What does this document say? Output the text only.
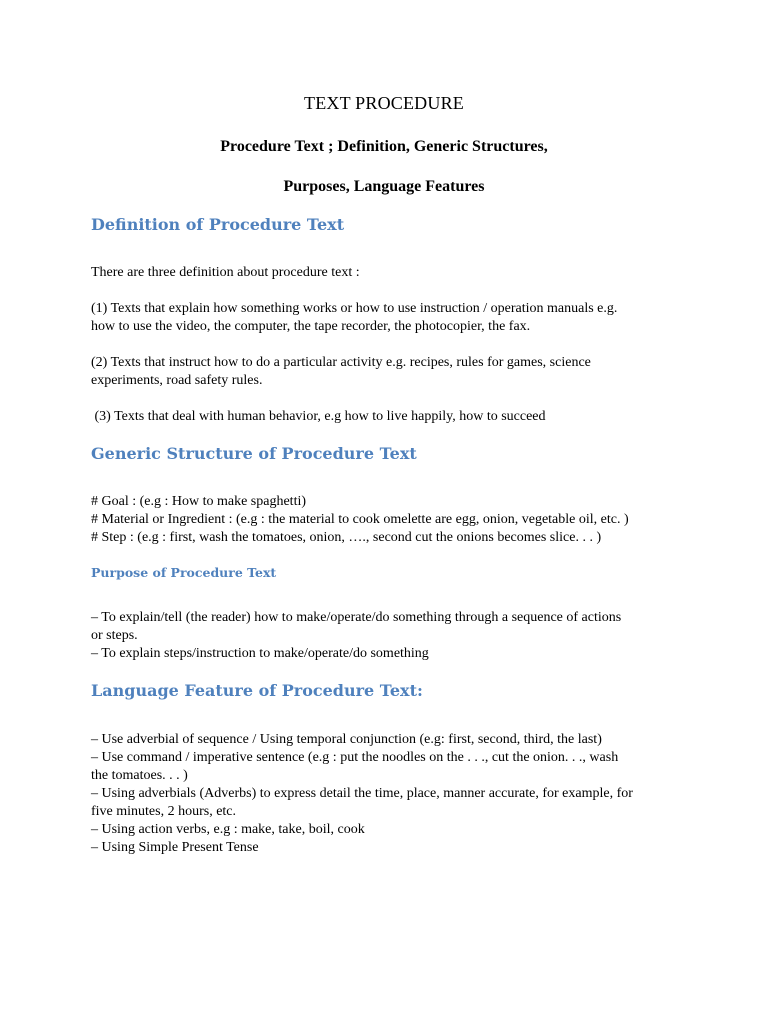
TEXT PROCEDURE
Procedure Text ; Definition, Generic Structures,
Purposes, Language Features
Definition of Procedure Text
There are three definition about procedure text :
(1) Texts that explain how something works or how to use instruction / operation manuals e.g.
how to use the video, the computer, the tape recorder, the photocopier, the fax.
(2) Texts that instruct how to do a particular activity e.g. recipes, rules for games, science
experiments, road safety rules.
(3) Texts that deal with human behavior, e.g how to live happily, how to succeed
Generic Structure of Procedure Text
# Goal : (e.g : How to make spaghetti)
# Material or Ingredient : (e.g : the material to cook omelette are egg, onion, vegetable oil, etc. )
# Step : (e.g : first, wash the tomatoes, onion, …., second cut the onions becomes slice. . . )
Purpose of Procedure Text
– To explain/tell (the reader) how to make/operate/do something through a sequence of actions
or steps.
– To explain steps/instruction to make/operate/do something
Language Feature of Procedure Text:
– Use adverbial of sequence / Using temporal conjunction (e.g: first, second, third, the last)
– Use command / imperative sentence (e.g : put the noodles on the . . ., cut the onion. . ., wash
the tomatoes. . . )
– Using adverbials (Adverbs) to express detail the time, place, manner accurate, for example, for
five minutes, 2 hours, etc.
– Using action verbs, e.g : make, take, boil, cook
– Using Simple Present Tense
